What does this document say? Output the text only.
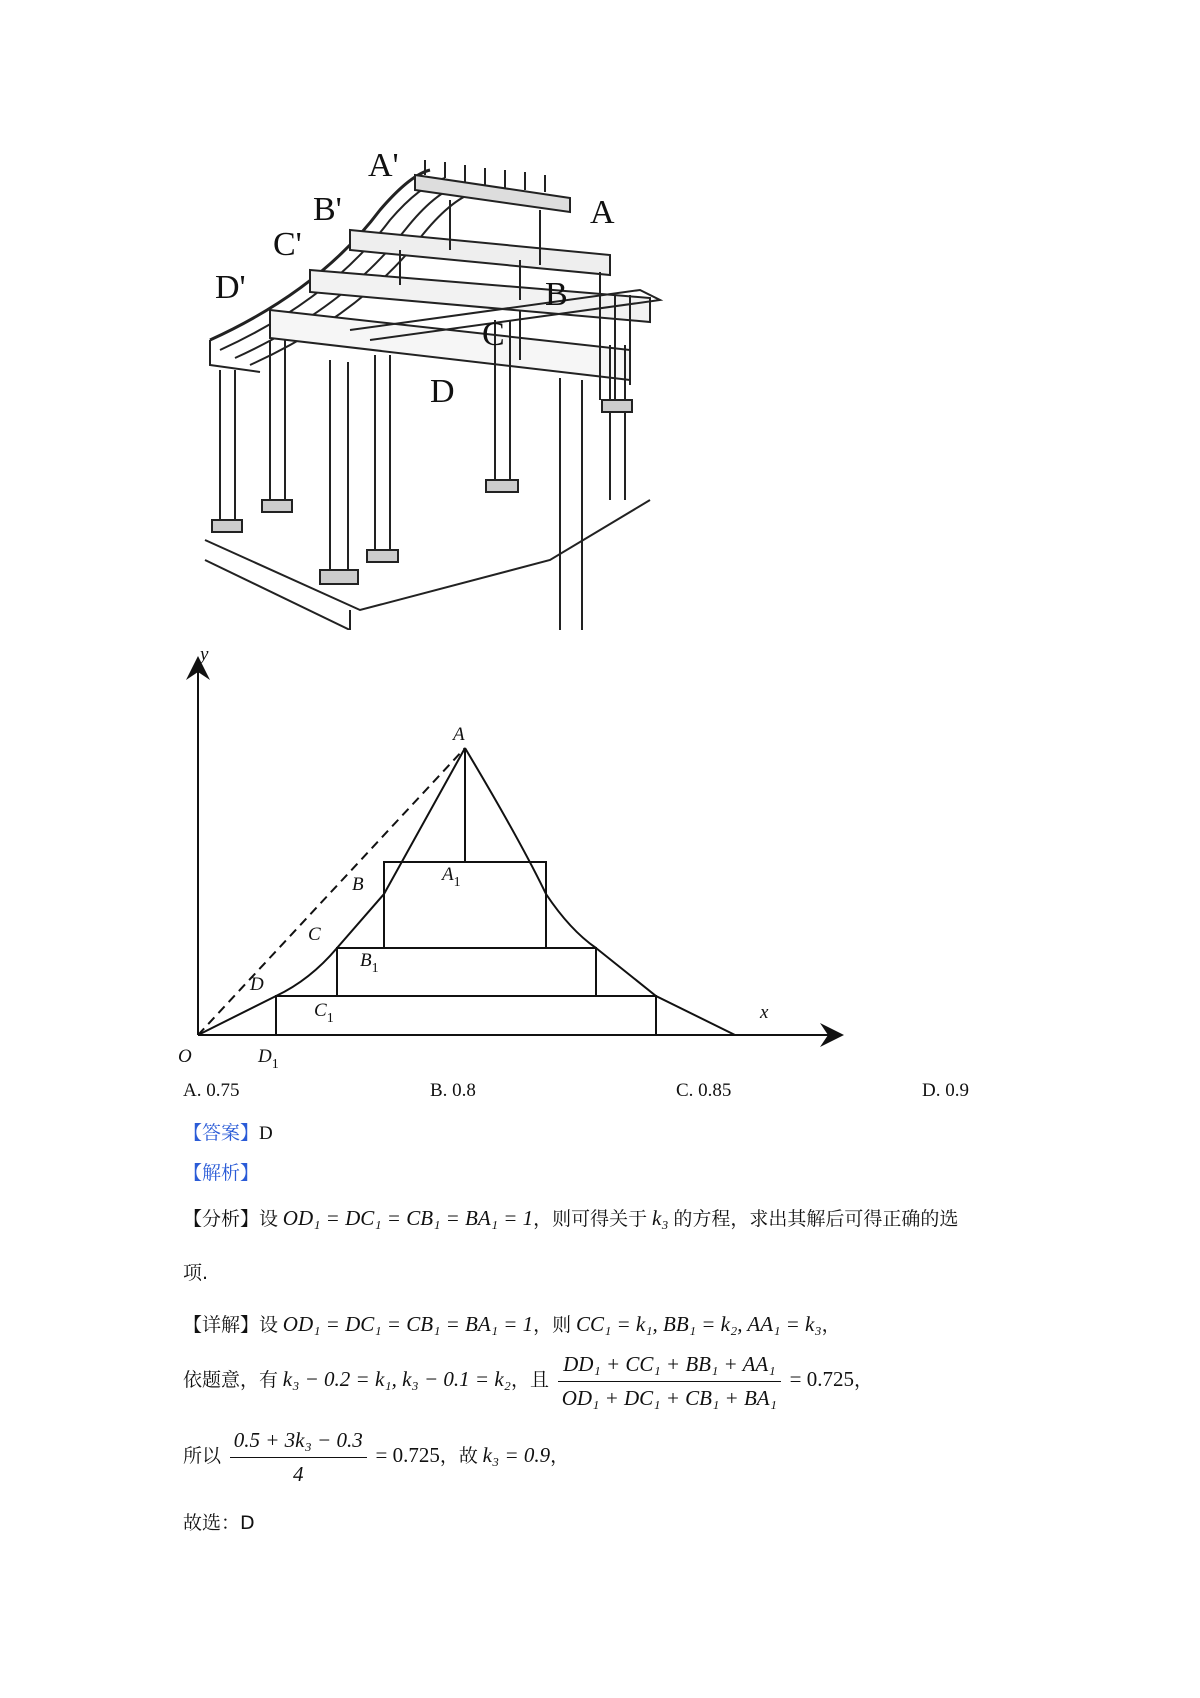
A'
B'
C'
D'
A
B
C
D
y
x
O
A
B
C
D
$A_1$
$B_1$
$C_1$
$D_1$
A. 0.75	B. 0.8	C. 0.85	D. 0.9
【答案】D
【解析】
【分析】设 OD₁ = DC₁ = CB₁ = BA₁ = 1，则可得关于 k₃ 的方程，求出其解后可得正确的选
项.
【详解】设 OD₁ = DC₁ = CB₁ = BA₁ = 1，则 CC₁ = k₁, BB₁ = k₂, AA₁ = k₃，
依题意，有 k₃ − 0.2 = k₁, k₃ − 0.1 = k₂，且 $\frac{\text{DD₁ + CC₁ + BB₁ + AA₁}}{\text{OD₁ + DC₁ + CB₁ + BA₁}} = 0.725$，
所以 $\frac{\text{0.5 + 3k₃ − 0.3}}{4} = 0.725$，故 k₃ = 0.9，
故选：D
